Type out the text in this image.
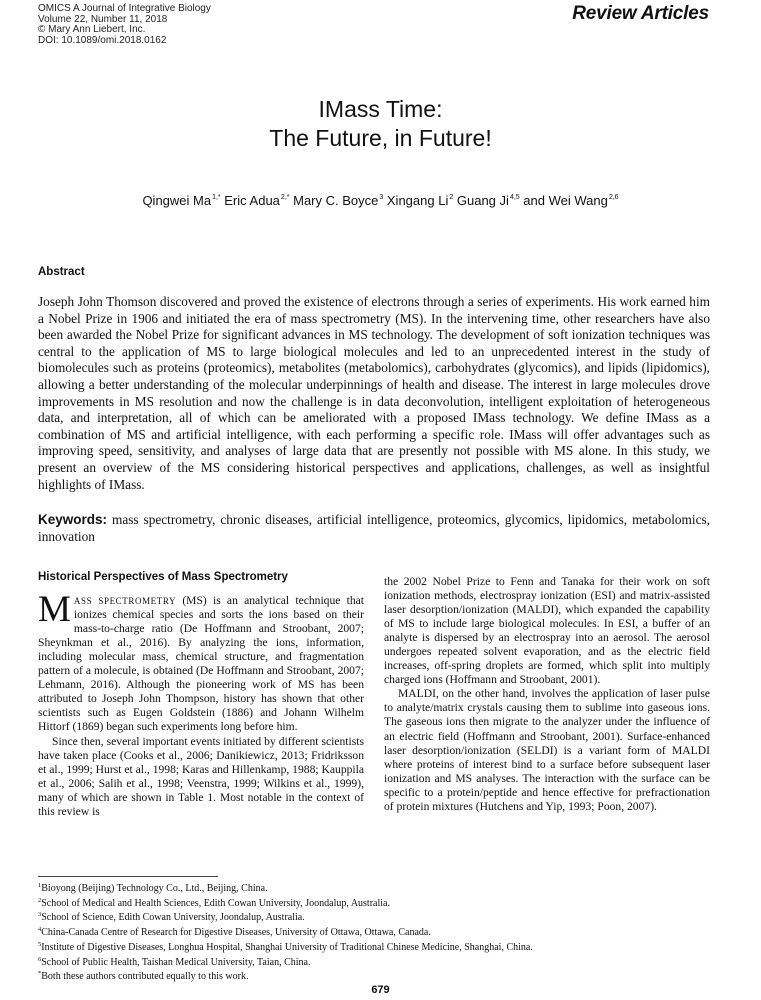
OMICS A Journal of Integrative Biology
Volume 22, Number 11, 2018
© Mary Ann Liebert, Inc.
DOI: 10.1089/omi.2018.0162
Review Articles
IMass Time:
The Future, in Future!
Qingwei $Ma^{1,*}$ Eric Adua$^{2,*}$ Mary C. Boyce$^3$ Xingang Li$^2$ Guang Ji$^{4,5}$ and Wei Wang$^{2,6}$
Abstract

Joseph John Thomson discovered and proved the existence of electrons through a series of experiments. His work earned him a Nobel Prize in 1906 and initiated the era of mass spectrometry (MS). In the intervening time, other researchers have also been awarded the Nobel Prize for significant advances in MS technology. The development of soft ionization techniques was central to the application of MS to large biological molecules and led to an unprecedented interest in the study of biomolecules such as proteins (proteomics), metabolites (metabolomics), carbohydrates (glycomics), and lipids (lipidomics), allowing a better understanding of the molecular underpinnings of health and disease. The interest in large molecules drove improvements in MS resolution and now the challenge is in data deconvolution, intelligent exploitation of heterogeneous data, and interpretation, all of which can be ameliorated with a proposed IMass technology. We define IMass as a combination of MS and artificial intelligence, with each performing a specific role. IMass will offer advantages such as improving speed, sensitivity, and analyses of large data that are presently not possible with MS alone. In this study, we present an overview of the MS considering historical perspectives and applications, challenges, as well as insightful highlights of IMass.

Keywords: mass spectrometry, chronic diseases, artificial intelligence, proteomics, glycomics, lipidomics, metabolomics, innovation

Historical Perspectives of Mass Spectrometry

MASS SPECTROMETRY (MS) is an analytical technique that ionizes chemical species and sorts the ions based on their mass-to-charge ratio (De Hoffmann and Stroobant, 2007; Sheynkman et al., 2016). By analyzing the ions, information, including molecular mass, chemical structure, and fragmentation pattern of a molecule, is obtained (De Hoffmann and Stroobant, 2007; Lehmann, 2016). Although the pioneering work of MS has been attributed to Joseph John Thompson, history has shown that other scientists such as Eugen Goldstein (1886) and Johann Wilhelm Hittorf (1869) began such experiments long before him.

Since then, several important events initiated by different scientists have taken place (Cooks et al., 2006; Danikiewicz, 2013; Fridriksson et al., 1999; Hurst et al., 1998; Karas and Hillenkamp, 1988; Kauppila et al., 2006; Salih et al., 1998; Veenstra, 1999; Wilkins et al., 1999), many of which are shown in Table 1. Most notable in the context of this review is

the 2002 Nobel Prize to Fenn and Tanaka for their work on soft ionization methods, electrospray ionization (ESI) and matrix-assisted laser desorption/ionization (MALDI), which expanded the capability of MS to include large biological molecules. In ESI, a buffer of an analyte is dispersed by an electrospray into an aerosol. The aerosol undergoes repeated solvent evaporation, and as the electric field increases, off-spring droplets are formed, which split into multiply charged ions (Hoffmann and Stroobant, 2001).

MALDI, on the other hand, involves the application of laser pulse to analyte/matrix crystals causing them to sublime into gaseous ions. The gaseous ions then migrate to the analyzer under the influence of an electric field (Hoffmann and Stroobant, 2001). Surface-enhanced laser desorption/ionization (SELDI) is a variant form of MALDI where proteins of interest bind to a surface before subsequent laser ionization and MS analyses. The interaction with the surface can be specific to a protein/peptide and hence effective for prefractionation of protein mixtures (Hutchens and Yip, 1993; Poon, 2007).

$^1$Bioyong (Beijing) Technology Co., Ltd., Beijing, China.
$^2$School of Medical and Health Sciences, Edith Cowan University, Joondalup, Australia.
$^3$School of Science, Edith Cowan University, Joondalup, Australia.
$^4$China-Canada Centre of Research for Digestive Diseases, University of Ottawa, Ottawa, Canada.
$^5$Institute of Digestive Diseases, Longhua Hospital, Shanghai University of Traditional Chinese Medicine, Shanghai, China.
$^6$School of Public Health, Taishan Medical University, Taian, China.
*Both these authors contributed equally to this work.
679
